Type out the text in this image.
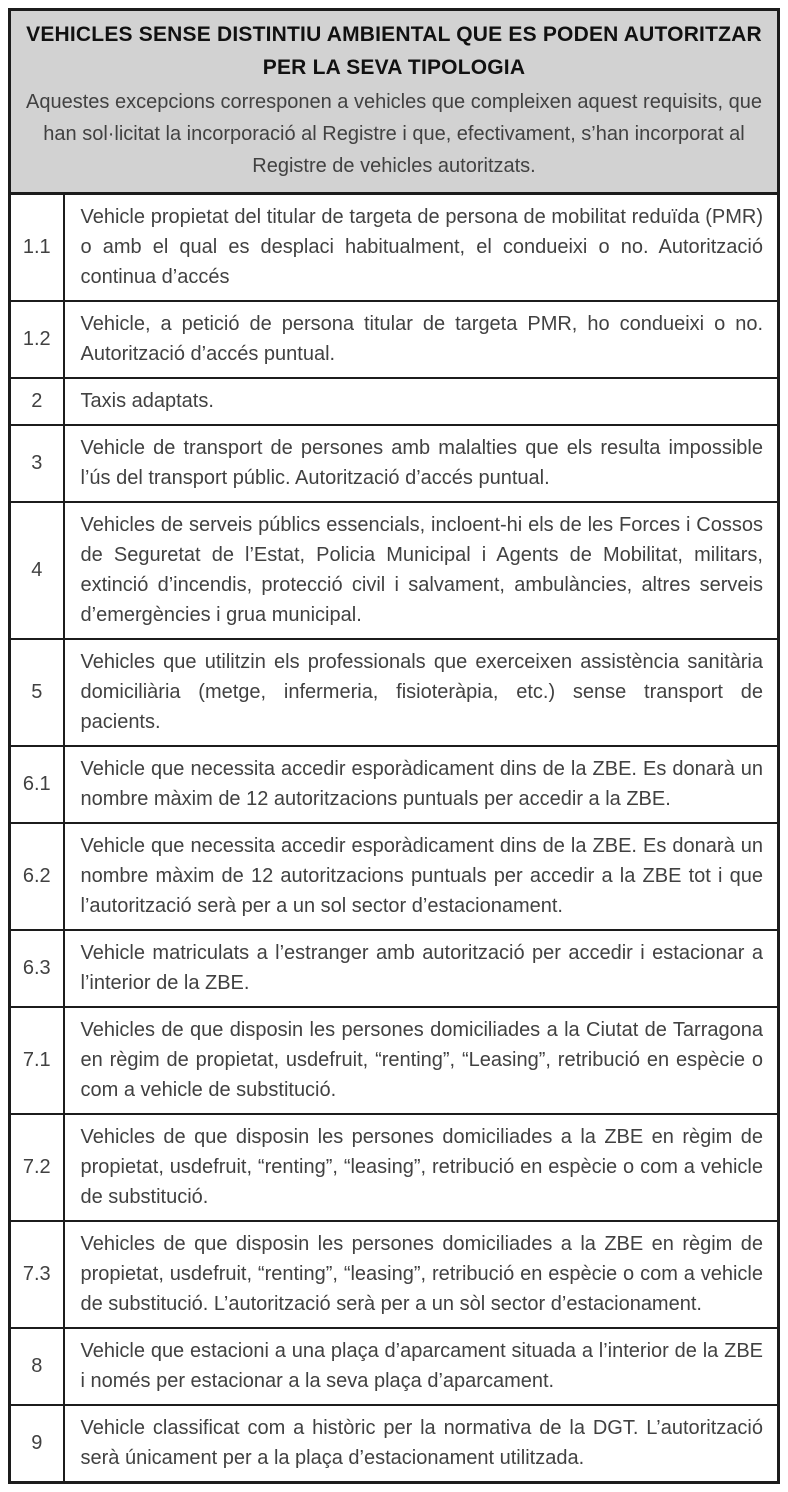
VEHICLES SENSE DISTINTIU AMBIENTAL QUE ES PODEN AUTORITZAR PER LA SEVA TIPOLOGIA
Aquestes excepcions corresponen a vehicles que compleixen aquest requisits, que han sol·licitat la incorporació al Registre i que, efectivament, s’han incorporat al Registre de vehicles autoritzats.	

1.1	Vehicle propietat del titular de targeta de persona de mobilitat reduïda (PMR) o amb el qual es desplaci habitualment, el condueixi o no. Autorització continua d’accés
1.2	Vehicle, a petició de persona titular de targeta PMR, ho condueixi o no. Autorització d’accés puntual.
2	Taxis adaptats.
3	Vehicle de transport de persones amb malalties que els resulta impossible l’ús del transport públic. Autorització d’accés puntual.
4	Vehicles de serveis públics essencials, incloent-hi els de les Forces i Cossos de Seguretat de l’Estat, Policia Municipal i Agents de Mobilitat, militars, extinció d’incendis, protecció civil i salvament, ambulàncies, altres serveis d’emergències i grua municipal.
5	Vehicles que utilitzin els professionals que exerceixen assistència sanitària domiciliària (metge, infermeria, fisioteràpia, etc.) sense transport de pacients.
6.1	Vehicle que necessita accedir esporàdicament dins de la ZBE. Es donarà un nombre màxim de 12 autoritzacions puntuals per accedir a la ZBE.
6.2	Vehicle que necessita accedir esporàdicament dins de la ZBE. Es donarà un nombre màxim de 12 autoritzacions puntuals per accedir a la ZBE tot i que l’autorització serà per a un sol sector d’estacionament.
6.3	Vehicle matriculats a l’estranger amb autorització per accedir i estacionar a l’interior de la ZBE.
7.1	Vehicles de que disposin les persones domiciliades a la Ciutat de Tarragona en règim de propietat, usdefruit, “renting”, “Leasing”, retribució en espècie o com a vehicle de substitució.
7.2	Vehicles de que disposin les persones domiciliades a la ZBE en règim de propietat, usdefruit, “renting”, “leasing”, retribució en espècie o com a vehicle de substitució.
7.3	Vehicles de que disposin les persones domiciliades a la ZBE en règim de propietat, usdefruit, “renting”, “leasing”, retribució en espècie o com a vehicle de substitució. L’autorització serà per a un sòl sector d’estacionament.
8	Vehicle que estacioni a una plaça d’aparcament situada a l’interior de la ZBE i només per estacionar a la seva plaça d’aparcament.
9	Vehicle classificat com a històric per la normativa de la DGT. L’autorització serà únicament per a la plaça d’estacionament utilitzada.
